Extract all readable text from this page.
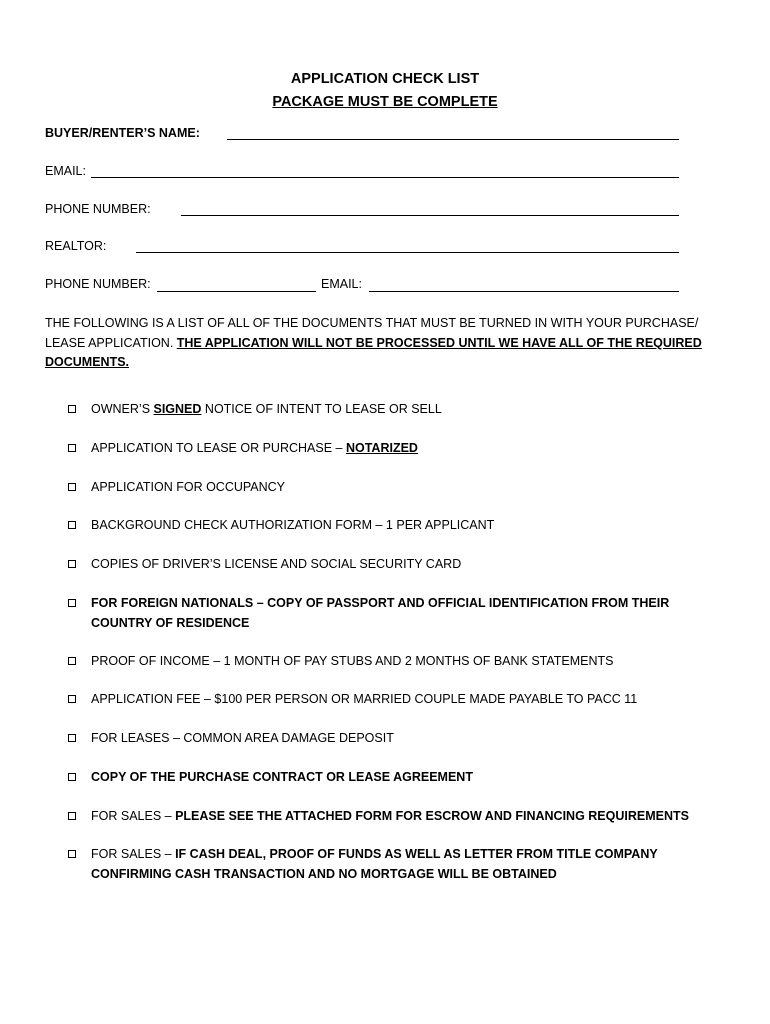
APPLICATION CHECK LIST
PACKAGE MUST BE COMPLETE
BUYER/RENTER’S NAME:
EMAIL:
PHONE NUMBER:
REALTOR:
PHONE NUMBER:	EMAIL:
THE FOLLOWING IS A LIST OF ALL OF THE DOCUMENTS THAT MUST BE TURNED IN WITH YOUR PURCHASE/ LEASE APPLICATION. THE APPLICATION WILL NOT BE PROCESSED UNTIL WE HAVE ALL OF THE REQUIRED DOCUMENTS.
OWNER’S SIGNED NOTICE OF INTENT TO LEASE OR SELL
APPLICATION TO LEASE OR PURCHASE – NOTARIZED
APPLICATION FOR OCCUPANCY
BACKGROUND CHECK AUTHORIZATION FORM – 1 PER APPLICANT
COPIES OF DRIVER’S LICENSE AND SOCIAL SECURITY CARD
FOR FOREIGN NATIONALS – COPY OF PASSPORT AND OFFICIAL IDENTIFICATION FROM THEIR COUNTRY OF RESIDENCE
PROOF OF INCOME – 1 MONTH OF PAY STUBS AND 2 MONTHS OF BANK STATEMENTS
APPLICATION FEE – $100 PER PERSON OR MARRIED COUPLE MADE PAYABLE TO PACC 11
FOR LEASES – COMMON AREA DAMAGE DEPOSIT
COPY OF THE PURCHASE CONTRACT OR LEASE AGREEMENT
FOR SALES – PLEASE SEE THE ATTACHED FORM FOR ESCROW AND FINANCING REQUIREMENTS
FOR SALES – IF CASH DEAL, PROOF OF FUNDS AS WELL AS LETTER FROM TITLE COMPANY CONFIRMING CASH TRANSACTION AND NO MORTGAGE WILL BE OBTAINED
